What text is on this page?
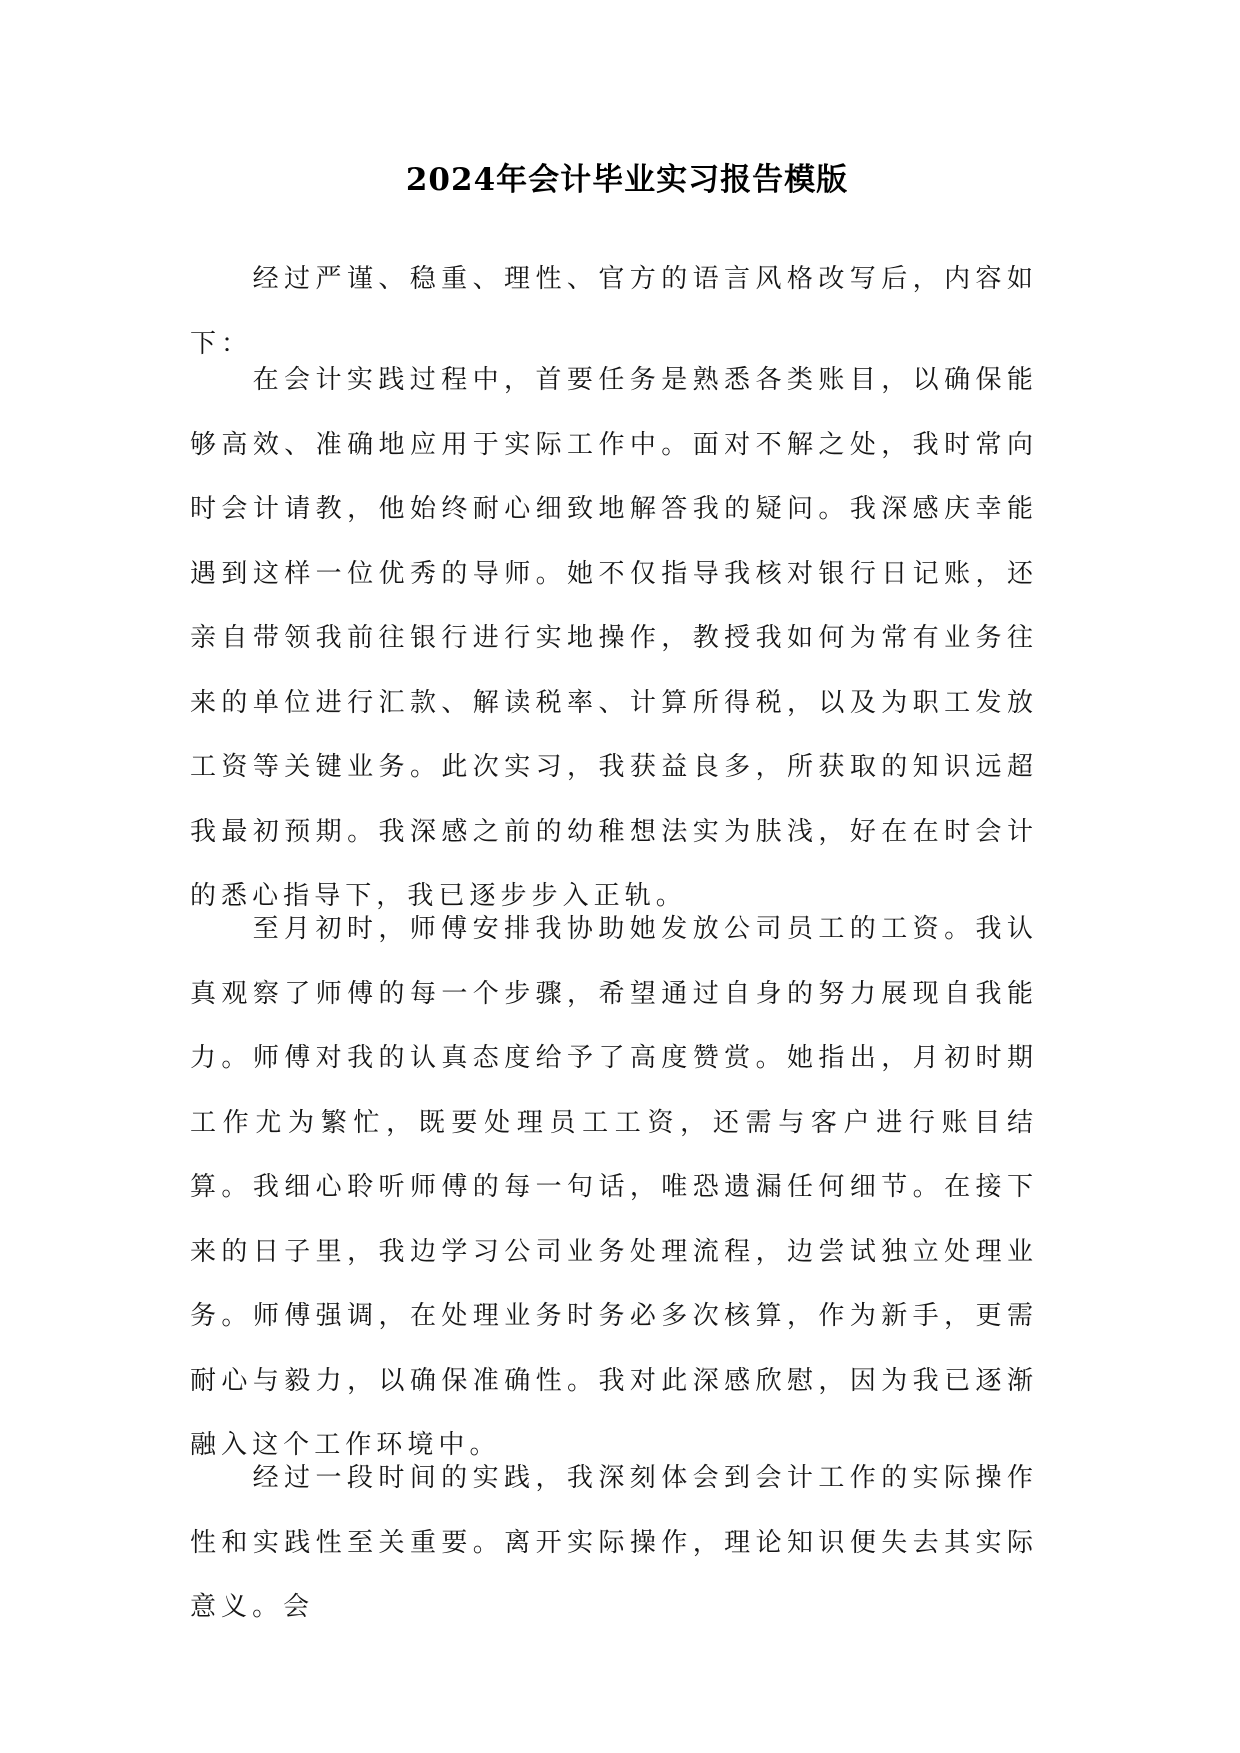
2024年会计毕业实习报告模版

经过严谨、稳重、理性、官方的语言风格改写后，内容如下：

在会计实践过程中，首要任务是熟悉各类账目，以确保能够高效、准确地应用于实际工作中。面对不解之处，我时常向时会计请教，他始终耐心细致地解答我的疑问。我深感庆幸能遇到这样一位优秀的导师。她不仅指导我核对银行日记账，还亲自带领我前往银行进行实地操作，教授我如何为常有业务往来的单位进行汇款、解读税率、计算所得税，以及为职工发放工资等关键业务。此次实习，我获益良多，所获取的知识远超我最初预期。我深感之前的幼稚想法实为肤浅，好在在时会计的悉心指导下，我已逐步步入正轨。

至月初时，师傅安排我协助她发放公司员工的工资。我认真观察了师傅的每一个步骤，希望通过自身的努力展现自我能力。师傅对我的认真态度给予了高度赞赏。她指出，月初时期工作尤为繁忙，既要处理员工工资，还需与客户进行账目结算。我细心聆听师傅的每一句话，唯恐遗漏任何细节。在接下来的日子里，我边学习公司业务处理流程，边尝试独立处理业务。师傅强调，在处理业务时务必多次核算，作为新手，更需耐心与毅力，以确保准确性。我对此深感欣慰，因为我已逐渐融入这个工作环境中。

经过一段时间的实践，我深刻体会到会计工作的实际操作性和实践性至关重要。离开实际操作，理论知识便失去其实际意义。会
